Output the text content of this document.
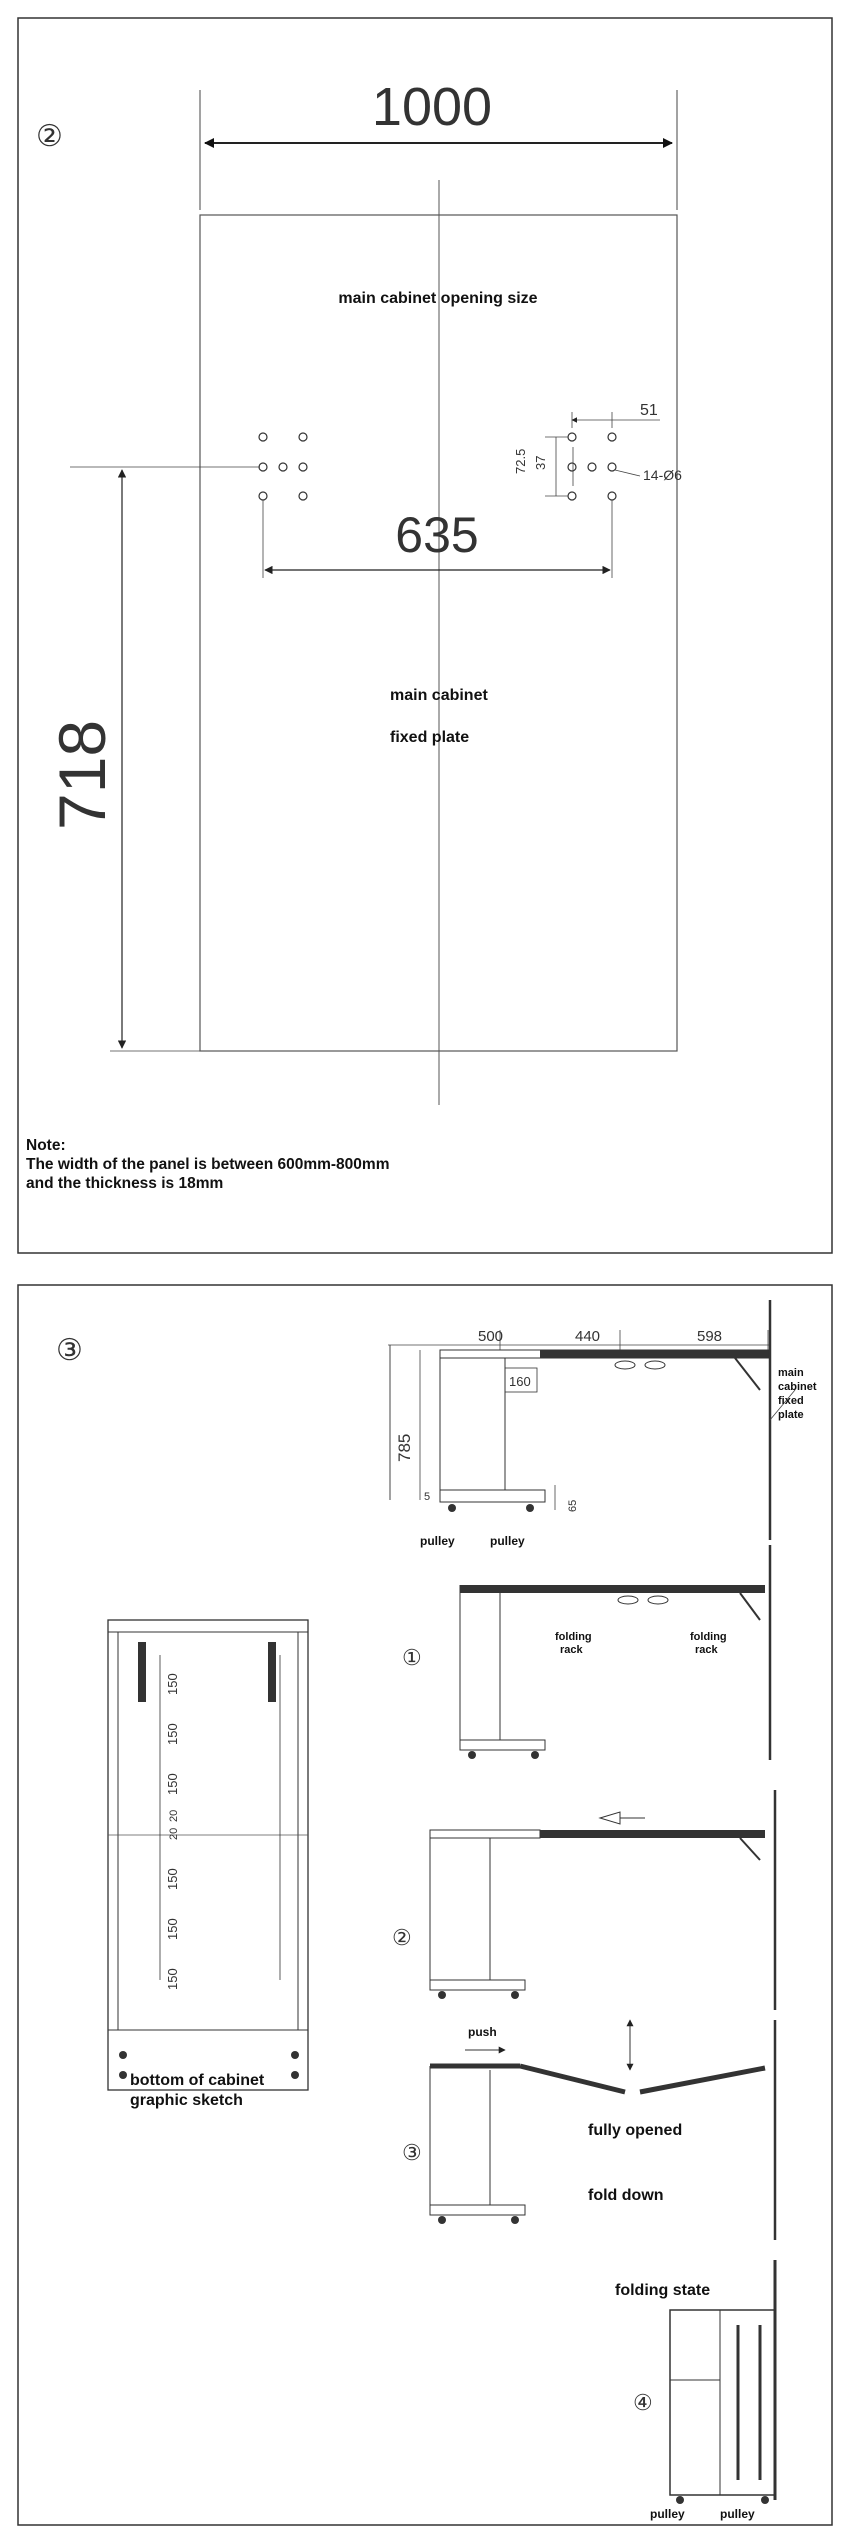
②	1000
main cabinet opening size
51
72.5 37
14-Ø6
635
718
main cabinet
fixed plate
③	500	440	598
160
785
5
65
main
cabinet
fixed
plate
pulley	pulley
①
folding
rack
folding
rack
②
150
150
150
20
20
150
150
150
bottom of cabinet
graphic sketch
③
push
fully opened
fold down
folding state
④
pulley	pulley
Note:
The width of the panel is between 600mm-800mm
and the thickness is 18mm
